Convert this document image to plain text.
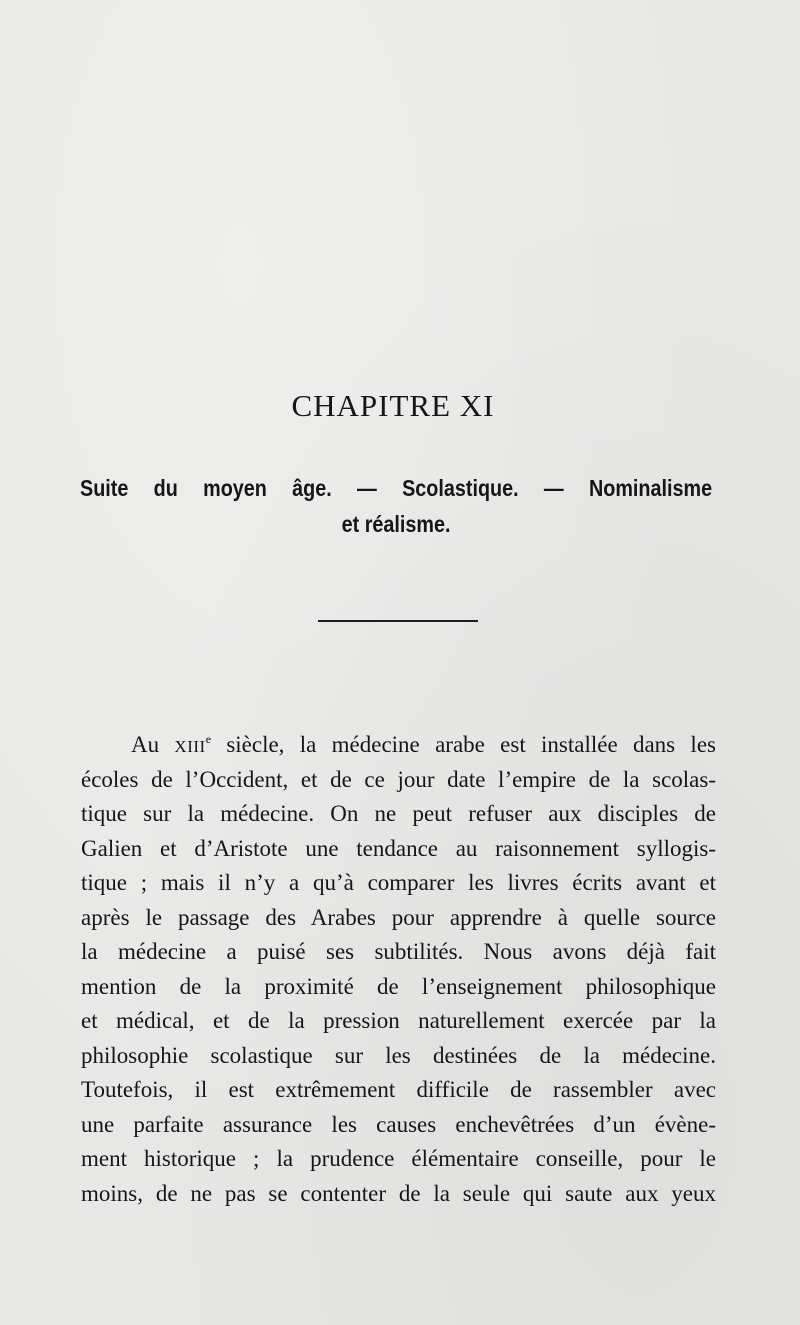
CHAPITRE XI
Suite du moyen âge. — Scolastique. — Nominalisme
et réalisme.
Au XIIIe siècle, la médecine arabe est installée dans les
écoles de l’Occident, et de ce jour date l’empire de la scolas-
tique sur la médecine. On ne peut refuser aux disciples de
Galien et d’Aristote une tendance au raisonnement syllogis-
tique ; mais il n’y a qu’à comparer les livres écrits avant et
après le passage des Arabes pour apprendre à quelle source
la médecine a puisé ses subtilités. Nous avons déjà fait
mention de la proximité de l’enseignement philosophique
et médical, et de la pression naturellement exercée par la
philosophie scolastique sur les destinées de la médecine.
Toutefois, il est extrêmement difficile de rassembler avec
une parfaite assurance les causes enchevêtrées d’un évène-
ment historique ; la prudence élémentaire conseille, pour le
moins, de ne pas se contenter de la seule qui saute aux yeux
